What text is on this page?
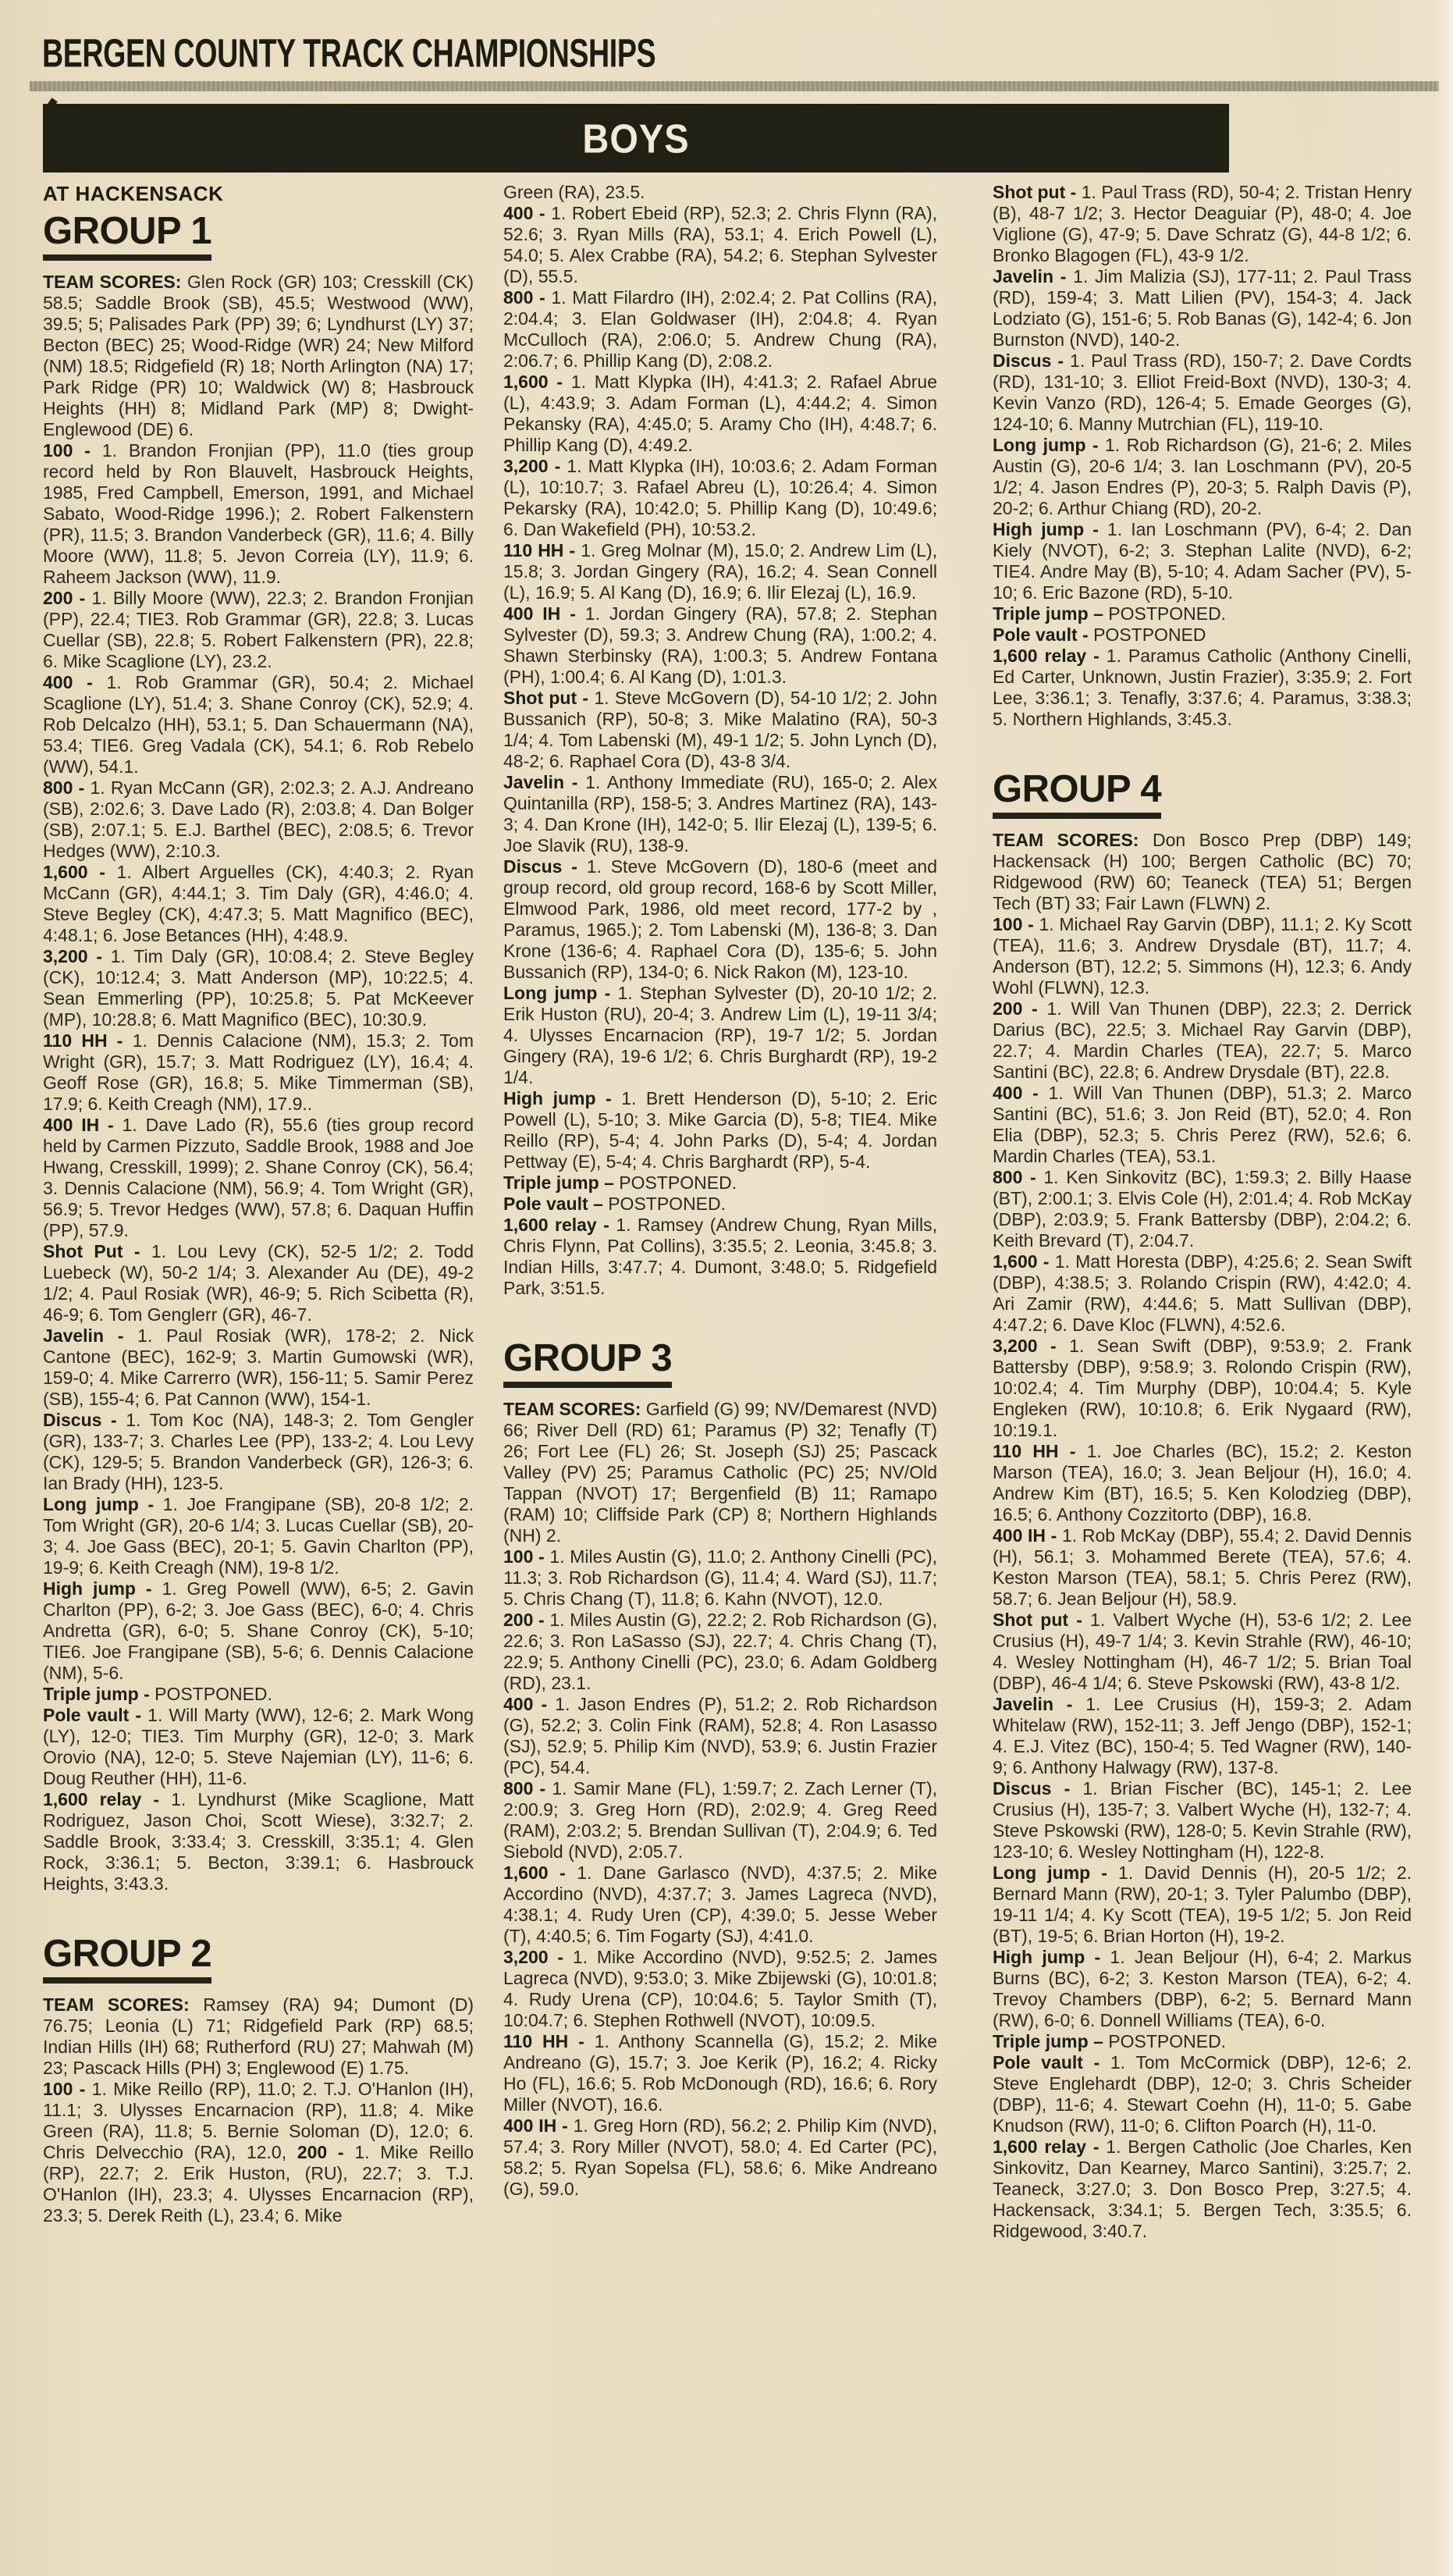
BERGEN COUNTY TRACK CHAMPIONSHIPS
BOYS

AT HACKENSACK

GROUP 1

TEAM SCORES: Glen Rock (GR) 103; Cresskill (CK) 58.5; Saddle Brook (SB), 45.5; Westwood (WW), 39.5; 5; Palisades Park (PP) 39; 6; Lyndhurst (LY) 37; Becton (BEC) 25; Wood-Ridge (WR) 24; New Milford (NM) 18.5; Ridgefield (R) 18; North Arlington (NA) 17; Park Ridge (PR) 10; Waldwick (W) 8; Hasbrouck Heights (HH) 8; Midland Park (MP) 8; Dwight-Englewood (DE) 6.

100 - 1. Brandon Fronjian (PP), 11.0 (ties group record held by Ron Blauvelt, Hasbrouck Heights, 1985, Fred Campbell, Emerson, 1991, and Michael Sabato, Wood-Ridge 1996.); 2. Robert Falkenstern (PR), 11.5; 3. Brandon Vanderbeck (GR), 11.6; 4. Billy Moore (WW), 11.8; 5. Jevon Correia (LY), 11.9; 6. Raheem Jackson (WW), 11.9.

200 - 1. Billy Moore (WW), 22.3; 2. Brandon Fronjian (PP), 22.4; TIE3. Rob Grammar (GR), 22.8; 3. Lucas Cuellar (SB), 22.8; 5. Robert Falkenstern (PR), 22.8; 6. Mike Scaglione (LY), 23.2.

400 - 1. Rob Grammar (GR), 50.4; 2. Michael Scaglione (LY), 51.4; 3. Shane Conroy (CK), 52.9; 4. Rob Delcalzo (HH), 53.1; 5. Dan Schauermann (NA), 53.4; TIE6. Greg Vadala (CK), 54.1; 6. Rob Rebelo (WW), 54.1.

800 - 1. Ryan McCann (GR), 2:02.3; 2. A.J. Andreano (SB), 2:02.6; 3. Dave Lado (R), 2:03.8; 4. Dan Bolger (SB), 2:07.1; 5. E.J. Barthel (BEC), 2:08.5; 6. Trevor Hedges (WW), 2:10.3.

1,600 - 1. Albert Arguelles (CK), 4:40.3; 2. Ryan McCann (GR), 4:44.1; 3. Tim Daly (GR), 4:46.0; 4. Steve Begley (CK), 4:47.3; 5. Matt Magnifico (BEC), 4:48.1; 6. Jose Betances (HH), 4:48.9.

3,200 - 1. Tim Daly (GR), 10:08.4; 2. Steve Begley (CK), 10:12.4; 3. Matt Anderson (MP), 10:22.5; 4. Sean Emmerling (PP), 10:25.8; 5. Pat McKeever (MP), 10:28.8; 6. Matt Magnifico (BEC), 10:30.9.

110 HH - 1. Dennis Calacione (NM), 15.3; 2. Tom Wright (GR), 15.7; 3. Matt Rodriguez (LY), 16.4; 4. Geoff Rose (GR), 16.8; 5. Mike Timmerman (SB), 17.9; 6. Keith Creagh (NM), 17.9..

400 IH - 1. Dave Lado (R), 55.6 (ties group record held by Carmen Pizzuto, Saddle Brook, 1988 and Joe Hwang, Cresskill, 1999); 2. Shane Conroy (CK), 56.4; 3. Dennis Calacione (NM), 56.9; 4. Tom Wright (GR), 56.9; 5. Trevor Hedges (WW), 57.8; 6. Daquan Huffin (PP), 57.9.

Shot Put - 1. Lou Levy (CK), 52-5 1/2; 2. Todd Luebeck (W), 50-2 1/4; 3. Alexander Au (DE), 49-2 1/2; 4. Paul Rosiak (WR), 46-9; 5. Rich Scibetta (R), 46-9; 6. Tom Genglerr (GR), 46-7.

Javelin - 1. Paul Rosiak (WR), 178-2; 2. Nick Cantone (BEC), 162-9; 3. Martin Gumowski (WR), 159-0; 4. Mike Carrerro (WR), 156-11; 5. Samir Perez (SB), 155-4; 6. Pat Cannon (WW), 154-1.

Discus - 1. Tom Koc (NA), 148-3; 2. Tom Gengler (GR), 133-7; 3. Charles Lee (PP), 133-2; 4. Lou Levy (CK), 129-5; 5. Brandon Vanderbeck (GR), 126-3; 6. Ian Brady (HH), 123-5.

Long jump - 1. Joe Frangipane (SB), 20-8 1/2; 2. Tom Wright (GR), 20-6 1/4; 3. Lucas Cuellar (SB), 20-3; 4. Joe Gass (BEC), 20-1; 5. Gavin Charlton (PP), 19-9; 6. Keith Creagh (NM), 19-8 1/2.

High jump - 1. Greg Powell (WW), 6-5; 2. Gavin Charlton (PP), 6-2; 3. Joe Gass (BEC), 6-0; 4. Chris Andretta (GR), 6-0; 5. Shane Conroy (CK), 5-10; TIE6. Joe Frangipane (SB), 5-6; 6. Dennis Calacione (NM), 5-6.

Triple jump - POSTPONED.

Pole vault - 1. Will Marty (WW), 12-6; 2. Mark Wong (LY), 12-0; TIE3. Tim Murphy (GR), 12-0; 3. Mark Orovio (NA), 12-0; 5. Steve Najemian (LY), 11-6; 6. Doug Reuther (HH), 11-6.

1,600 relay - 1. Lyndhurst (Mike Scaglione, Matt Rodriguez, Jason Choi, Scott Wiese), 3:32.7; 2. Saddle Brook, 3:33.4; 3. Cresskill, 3:35.1; 4. Glen Rock, 3:36.1; 5. Becton, 3:39.1; 6. Hasbrouck Heights, 3:43.3.

GROUP 2

TEAM SCORES: Ramsey (RA) 94; Dumont (D) 76.75; Leonia (L) 71; Ridgefield Park (RP) 68.5; Indian Hills (IH) 68; Rutherford (RU) 27; Mahwah (M) 23; Pascack Hills (PH) 3; Englewood (E) 1.75.

100 - 1. Mike Reillo (RP), 11.0; 2. T.J. O'Hanlon (IH), 11.1; 3. Ulysses Encarnacion (RP), 11.8; 4. Mike Green (RA), 11.8; 5. Bernie Soloman (D), 12.0; 6. Chris Delvecchio (RA), 12.0, 200 - 1. Mike Reillo (RP), 22.7; 2. Erik Huston, (RU), 22.7; 3. T.J. O'Hanlon (IH), 23.3; 4. Ulysses Encarnacion (RP), 23.3; 5. Derek Reith (L), 23.4; 6. Mike

Green (RA), 23.5.

400 - 1. Robert Ebeid (RP), 52.3; 2. Chris Flynn (RA), 52.6; 3. Ryan Mills (RA), 53.1; 4. Erich Powell (L), 54.0; 5. Alex Crabbe (RA), 54.2; 6. Stephan Sylvester (D), 55.5.

800 - 1. Matt Filardro (IH), 2:02.4; 2. Pat Collins (RA), 2:04.4; 3. Elan Goldwaser (IH), 2:04.8; 4. Ryan McCulloch (RA), 2:06.0; 5. Andrew Chung (RA), 2:06.7; 6. Phillip Kang (D), 2:08.2.

1,600 - 1. Matt Klypka (IH), 4:41.3; 2. Rafael Abrue (L), 4:43.9; 3. Adam Forman (L), 4:44.2; 4. Simon Pekansky (RA), 4:45.0; 5. Aramy Cho (IH), 4:48.7; 6. Phillip Kang (D), 4:49.2.

3,200 - 1. Matt Klypka (IH), 10:03.6; 2. Adam Forman (L), 10:10.7; 3. Rafael Abreu (L), 10:26.4; 4. Simon Pekarsky (RA), 10:42.0; 5. Phillip Kang (D), 10:49.6; 6. Dan Wakefield (PH), 10:53.2.

110 HH - 1. Greg Molnar (M), 15.0; 2. Andrew Lim (L), 15.8; 3. Jordan Gingery (RA), 16.2; 4. Sean Connell (L), 16.9; 5. Al Kang (D), 16.9; 6. Ilir Elezaj (L), 16.9.

400 IH - 1. Jordan Gingery (RA), 57.8; 2. Stephan Sylvester (D), 59.3; 3. Andrew Chung (RA), 1:00.2; 4. Shawn Sterbinsky (RA), 1:00.3; 5. Andrew Fontana (PH), 1:00.4; 6. Al Kang (D), 1:01.3.

Shot put - 1. Steve McGovern (D), 54-10 1/2; 2. John Bussanich (RP), 50-8; 3. Mike Malatino (RA), 50-3 1/4; 4. Tom Labenski (M), 49-1 1/2; 5. John Lynch (D), 48-2; 6. Raphael Cora (D), 43-8 3/4.

Javelin - 1. Anthony Immediate (RU), 165-0; 2. Alex Quintanilla (RP), 158-5; 3. Andres Martinez (RA), 143-3; 4. Dan Krone (IH), 142-0; 5. Ilir Elezaj (L), 139-5; 6. Joe Slavik (RU), 138-9.

Discus - 1. Steve McGovern (D), 180-6 (meet and group record, old group record, 168-6 by Scott Miller, Elmwood Park, 1986, old meet record, 177-2 by , Paramus, 1965.); 2. Tom Labenski (M), 136-8; 3. Dan Krone (136-6; 4. Raphael Cora (D), 135-6; 5. John Bussanich (RP), 134-0; 6. Nick Rakon (M), 123-10.

Long jump - 1. Stephan Sylvester (D), 20-10 1/2; 2. Erik Huston (RU), 20-4; 3. Andrew Lim (L), 19-11 3/4; 4. Ulysses Encarnacion (RP), 19-7 1/2; 5. Jordan Gingery (RA), 19-6 1/2; 6. Chris Burghardt (RP), 19-2 1/4.

High jump - 1. Brett Henderson (D), 5-10; 2. Eric Powell (L), 5-10; 3. Mike Garcia (D), 5-8; TIE4. Mike Reillo (RP), 5-4; 4. John Parks (D), 5-4; 4. Jordan Pettway (E), 5-4; 4. Chris Barghardt (RP), 5-4.

Triple jump – POSTPONED.

Pole vault – POSTPONED.

1,600 relay - 1. Ramsey (Andrew Chung, Ryan Mills, Chris Flynn, Pat Collins), 3:35.5; 2. Leonia, 3:45.8; 3. Indian Hills, 3:47.7; 4. Dumont, 3:48.0; 5. Ridgefield Park, 3:51.5.

GROUP 3

TEAM SCORES: Garfield (G) 99; NV/Demarest (NVD) 66; River Dell (RD) 61; Paramus (P) 32; Tenafly (T) 26; Fort Lee (FL) 26; St. Joseph (SJ) 25; Pascack Valley (PV) 25; Paramus Catholic (PC) 25; NV/Old Tappan (NVOT) 17; Bergenfield (B) 11; Ramapo (RAM) 10; Cliffside Park (CP) 8; Northern Highlands (NH) 2.

100 - 1. Miles Austin (G), 11.0; 2. Anthony Cinelli (PC), 11.3; 3. Rob Richardson (G), 11.4; 4. Ward (SJ), 11.7; 5. Chris Chang (T), 11.8; 6. Kahn (NVOT), 12.0.

200 - 1. Miles Austin (G), 22.2; 2. Rob Richardson (G), 22.6; 3. Ron LaSasso (SJ), 22.7; 4. Chris Chang (T), 22.9; 5. Anthony Cinelli (PC), 23.0; 6. Adam Goldberg (RD), 23.1.

400 - 1. Jason Endres (P), 51.2; 2. Rob Richardson (G), 52.2; 3. Colin Fink (RAM), 52.8; 4. Ron Lasasso (SJ), 52.9; 5. Philip Kim (NVD), 53.9; 6. Justin Frazier (PC), 54.4.

800 - 1. Samir Mane (FL), 1:59.7; 2. Zach Lerner (T), 2:00.9; 3. Greg Horn (RD), 2:02.9; 4. Greg Reed (RAM), 2:03.2; 5. Brendan Sullivan (T), 2:04.9; 6. Ted Siebold (NVD), 2:05.7.

1,600 - 1. Dane Garlasco (NVD), 4:37.5; 2. Mike Accordino (NVD), 4:37.7; 3. James Lagreca (NVD), 4:38.1; 4. Rudy Uren (CP), 4:39.0; 5. Jesse Weber (T), 4:40.5; 6. Tim Fogarty (SJ), 4:41.0.

3,200 - 1. Mike Accordino (NVD), 9:52.5; 2. James Lagreca (NVD), 9:53.0; 3. Mike Zbijewski (G), 10:01.8; 4. Rudy Urena (CP), 10:04.6; 5. Taylor Smith (T), 10:04.7; 6. Stephen Rothwell (NVOT), 10:09.5.

110 HH - 1. Anthony Scannella (G), 15.2; 2. Mike Andreano (G), 15.7; 3. Joe Kerik (P), 16.2; 4. Ricky Ho (FL), 16.6; 5. Rob McDonough (RD), 16.6; 6. Rory Miller (NVOT), 16.6.

400 IH - 1. Greg Horn (RD), 56.2; 2. Philip Kim (NVD), 57.4; 3. Rory Miller (NVOT), 58.0; 4. Ed Carter (PC), 58.2; 5. Ryan Sopelsa (FL), 58.6; 6. Mike Andreano (G), 59.0.

Shot put - 1. Paul Trass (RD), 50-4; 2. Tristan Henry (B), 48-7 1/2; 3. Hector Deaguiar (P), 48-0; 4. Joe Viglione (G), 47-9; 5. Dave Schratz (G), 44-8 1/2; 6. Bronko Blagogen (FL), 43-9 1/2.

Javelin - 1. Jim Malizia (SJ), 177-11; 2. Paul Trass (RD), 159-4; 3. Matt Lilien (PV), 154-3; 4. Jack Lodziato (G), 151-6; 5. Rob Banas (G), 142-4; 6. Jon Burnston (NVD), 140-2.

Discus - 1. Paul Trass (RD), 150-7; 2. Dave Cordts (RD), 131-10; 3. Elliot Freid-Boxt (NVD), 130-3; 4. Kevin Vanzo (RD), 126-4; 5. Emade Georges (G), 124-10; 6. Manny Mutrchian (FL), 119-10.

Long jump - 1. Rob Richardson (G), 21-6; 2. Miles Austin (G), 20-6 1/4; 3. Ian Loschmann (PV), 20-5 1/2; 4. Jason Endres (P), 20-3; 5. Ralph Davis (P), 20-2; 6. Arthur Chiang (RD), 20-2.

High jump - 1. Ian Loschmann (PV), 6-4; 2. Dan Kiely (NVOT), 6-2; 3. Stephan Lalite (NVD), 6-2; TIE4. Andre May (B), 5-10; 4. Adam Sacher (PV), 5-10; 6. Eric Bazone (RD), 5-10.

Triple jump – POSTPONED.

Pole vault - POSTPONED

1,600 relay - 1. Paramus Catholic (Anthony Cinelli, Ed Carter, Unknown, Justin Frazier), 3:35.9; 2. Fort Lee, 3:36.1; 3. Tenafly, 3:37.6; 4. Paramus, 3:38.3; 5. Northern Highlands, 3:45.3.

GROUP 4

TEAM SCORES: Don Bosco Prep (DBP) 149; Hackensack (H) 100; Bergen Catholic (BC) 70; Ridgewood (RW) 60; Teaneck (TEA) 51; Bergen Tech (BT) 33; Fair Lawn (FLWN) 2.

100 - 1. Michael Ray Garvin (DBP), 11.1; 2. Ky Scott (TEA), 11.6; 3. Andrew Drysdale (BT), 11.7; 4. Anderson (BT), 12.2; 5. Simmons (H), 12.3; 6. Andy Wohl (FLWN), 12.3.

200 - 1. Will Van Thunen (DBP), 22.3; 2. Derrick Darius (BC), 22.5; 3. Michael Ray Garvin (DBP), 22.7; 4. Mardin Charles (TEA), 22.7; 5. Marco Santini (BC), 22.8; 6. Andrew Drysdale (BT), 22.8.

400 - 1. Will Van Thunen (DBP), 51.3; 2. Marco Santini (BC), 51.6; 3. Jon Reid (BT), 52.0; 4. Ron Elia (DBP), 52.3; 5. Chris Perez (RW), 52.6; 6. Mardin Charles (TEA), 53.1.

800 - 1. Ken Sinkovitz (BC), 1:59.3; 2. Billy Haase (BT), 2:00.1; 3. Elvis Cole (H), 2:01.4; 4. Rob McKay (DBP), 2:03.9; 5. Frank Battersby (DBP), 2:04.2; 6. Keith Brevard (T), 2:04.7.

1,600 - 1. Matt Horesta (DBP), 4:25.6; 2. Sean Swift (DBP), 4:38.5; 3. Rolando Crispin (RW), 4:42.0; 4. Ari Zamir (RW), 4:44.6; 5. Matt Sullivan (DBP), 4:47.2; 6. Dave Kloc (FLWN), 4:52.6.

3,200 - 1. Sean Swift (DBP), 9:53.9; 2. Frank Battersby (DBP), 9:58.9; 3. Rolondo Crispin (RW), 10:02.4; 4. Tim Murphy (DBP), 10:04.4; 5. Kyle Engleken (RW), 10:10.8; 6. Erik Nygaard (RW), 10:19.1.

110 HH - 1. Joe Charles (BC), 15.2; 2. Keston Marson (TEA), 16.0; 3. Jean Beljour (H), 16.0; 4. Andrew Kim (BT), 16.5; 5. Ken Kolodzieg (DBP), 16.5; 6. Anthony Cozzitorto (DBP), 16.8.

400 IH - 1. Rob McKay (DBP), 55.4; 2. David Dennis (H), 56.1; 3. Mohammed Berete (TEA), 57.6; 4. Keston Marson (TEA), 58.1; 5. Chris Perez (RW), 58.7; 6. Jean Beljour (H), 58.9.

Shot put - 1. Valbert Wyche (H), 53-6 1/2; 2. Lee Crusius (H), 49-7 1/4; 3. Kevin Strahle (RW), 46-10; 4. Wesley Nottingham (H), 46-7 1/2; 5. Brian Toal (DBP), 46-4 1/4; 6. Steve Pskowski (RW), 43-8 1/2.

Javelin - 1. Lee Crusius (H), 159-3; 2. Adam Whitelaw (RW), 152-11; 3. Jeff Jengo (DBP), 152-1; 4. E.J. Vitez (BC), 150-4; 5. Ted Wagner (RW), 140-9; 6. Anthony Halwagy (RW), 137-8.

Discus - 1. Brian Fischer (BC), 145-1; 2. Lee Crusius (H), 135-7; 3. Valbert Wyche (H), 132-7; 4. Steve Pskowski (RW), 128-0; 5. Kevin Strahle (RW), 123-10; 6. Wesley Nottingham (H), 122-8.

Long jump - 1. David Dennis (H), 20-5 1/2; 2. Bernard Mann (RW), 20-1; 3. Tyler Palumbo (DBP), 19-11 1/4; 4. Ky Scott (TEA), 19-5 1/2; 5. Jon Reid (BT), 19-5; 6. Brian Horton (H), 19-2.

High jump - 1. Jean Beljour (H), 6-4; 2. Markus Burns (BC), 6-2; 3. Keston Marson (TEA), 6-2; 4. Trevoy Chambers (DBP), 6-2; 5. Bernard Mann (RW), 6-0; 6. Donnell Williams (TEA), 6-0.

Triple jump – POSTPONED.

Pole vault - 1. Tom McCormick (DBP), 12-6; 2. Steve Englehardt (DBP), 12-0; 3. Chris Scheider (DBP), 11-6; 4. Stewart Coehn (H), 11-0; 5. Gabe Knudson (RW), 11-0; 6. Clifton Poarch (H), 11-0.

1,600 relay - 1. Bergen Catholic (Joe Charles, Ken Sinkovitz, Dan Kearney, Marco Santini), 3:25.7; 2. Teaneck, 3:27.0; 3. Don Bosco Prep, 3:27.5; 4. Hackensack, 3:34.1; 5. Bergen Tech, 3:35.5; 6. Ridgewood, 3:40.7.
